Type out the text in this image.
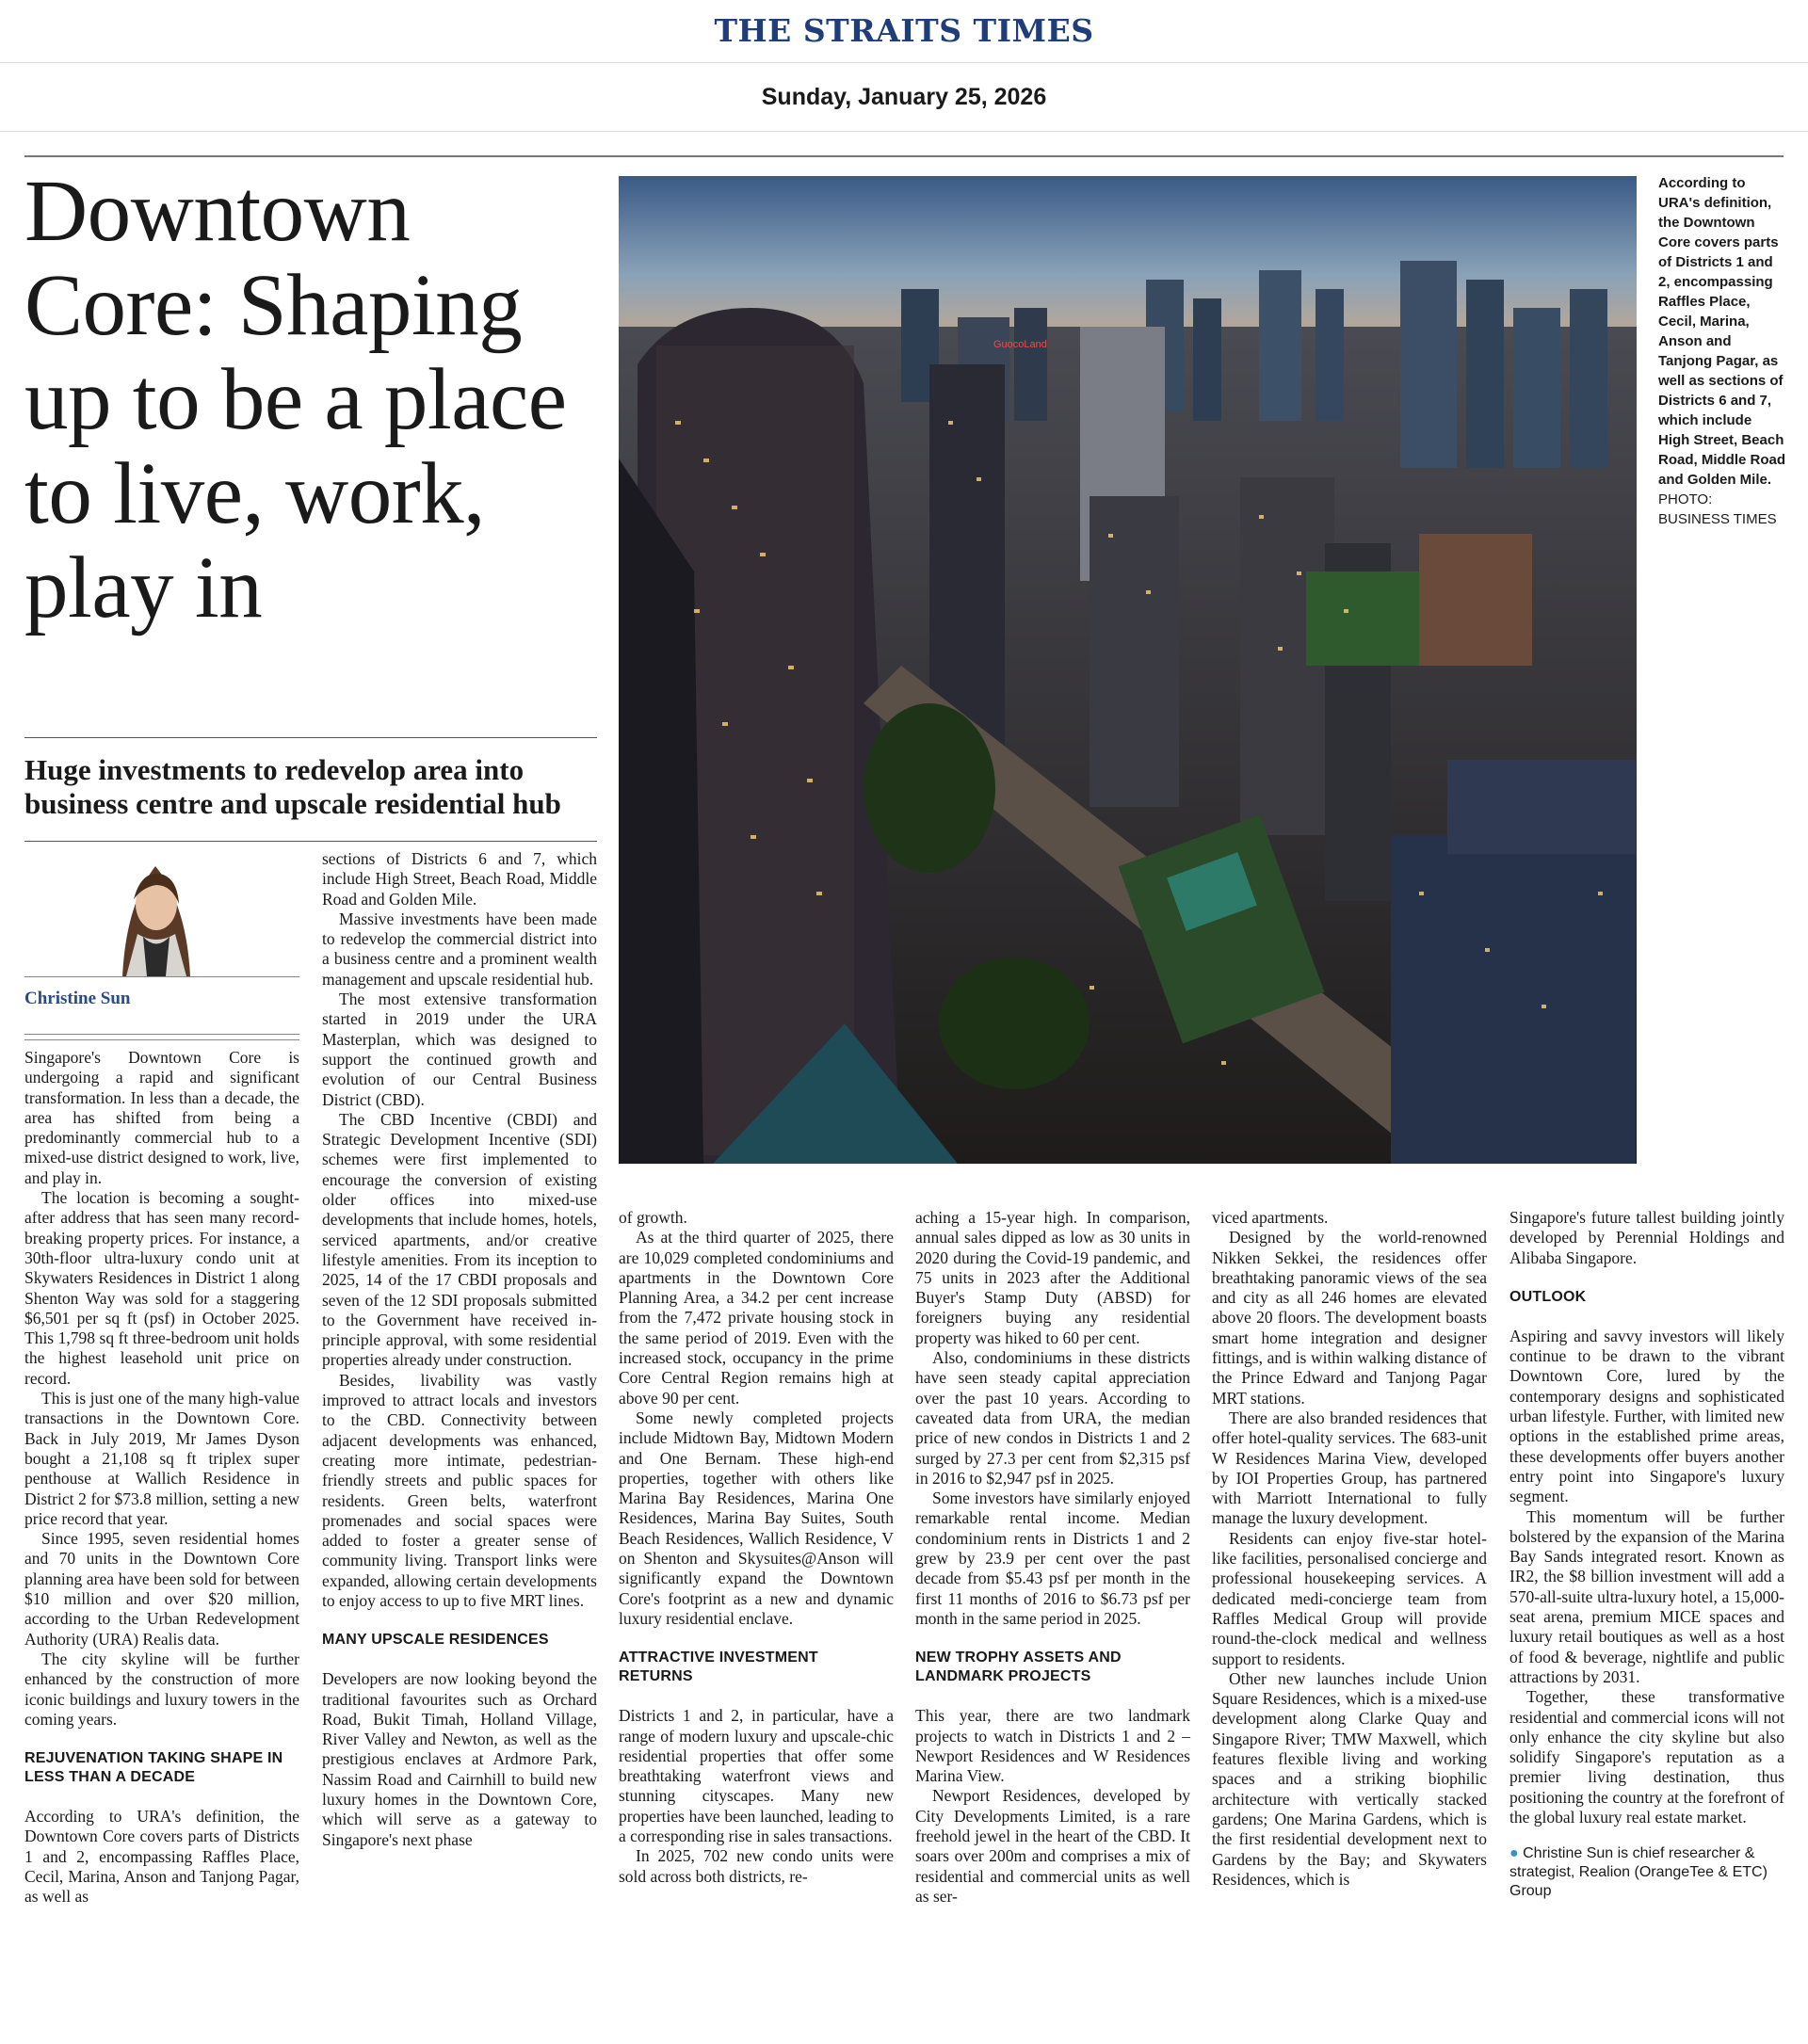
THE STRAITS TIMES
Sunday, January 25, 2026
Downtown Core: Shaping up to be a place to live, work, play in
Huge investments to redevelop area into business centre and upscale residential hub
Christine Sun

Singapore's Downtown Core is undergoing a rapid and significant transformation. In less than a decade, the area has shifted from being a predominantly commercial hub to a mixed-use district designed to work, live, and play in.

The location is becoming a sought-after address that has seen many record-breaking property prices. For instance, a 30th-floor ultra-luxury condo unit at Skywaters Residences in District 1 along Shenton Way was sold for a staggering $6,501 per sq ft (psf) in October 2025. This 1,798 sq ft three-bedroom unit holds the highest leasehold unit price on record.

This is just one of the many high-value transactions in the Downtown Core. Back in July 2019, Mr James Dyson bought a 21,108 sq ft triplex super penthouse at Wallich Residence in District 2 for $73.8 million, setting a new price record that year.

Since 1995, seven residential homes and 70 units in the Downtown Core planning area have been sold for between $10 million and over $20 million, according to the Urban Redevelopment Authority (URA) Realis data.

The city skyline will be further enhanced by the construction of more iconic buildings and luxury towers in the coming years.

REJUVENATION TAKING SHAPE IN LESS THAN A DECADE

According to URA's definition, the Downtown Core covers parts of Districts 1 and 2, encompassing Raffles Place, Cecil, Marina, Anson and Tanjong Pagar, as well as

sections of Districts 6 and 7, which include High Street, Beach Road, Middle Road and Golden Mile.

Massive investments have been made to redevelop the commercial district into a business centre and a prominent wealth management and upscale residential hub.

The most extensive transformation started in 2019 under the URA Masterplan, which was designed to support the continued growth and evolution of our Central Business District (CBD).

The CBD Incentive (CBDI) and Strategic Development Incentive (SDI) schemes were first implemented to encourage the conversion of existing older offices into mixed-use developments that include homes, hotels, serviced apartments, and/or creative lifestyle amenities. From its inception to 2025, 14 of the 17 CBDI proposals and seven of the 12 SDI proposals submitted to the Government have received in-principle approval, with some residential properties already under construction.

Besides, livability was vastly improved to attract locals and investors to the CBD. Connectivity between adjacent developments was enhanced, creating more intimate, pedestrian-friendly streets and public spaces for residents. Green belts, waterfront promenades and social spaces were added to foster a greater sense of community living. Transport links were expanded, allowing certain developments to enjoy access to up to five MRT lines.

MANY UPSCALE RESIDENCES

Developers are now looking beyond the traditional favourites such as Orchard Road, Bukit Timah, Holland Village, River Valley and Newton, as well as the prestigious enclaves at Ardmore Park, Nassim Road and Cairnhill to build new luxury homes in the Downtown Core, which will serve as a gateway to Singapore's next phase

GuocoLand
According to URA's definition, the Downtown Core covers parts of Districts 1 and 2, encompassing Raffles Place, Cecil, Marina, Anson and Tanjong Pagar, as well as sections of Districts 6 and 7, which include High Street, Beach Road, Middle Road and Golden Mile.
PHOTO: BUSINESS TIMES

of growth.

As at the third quarter of 2025, there are 10,029 completed condominiums and apartments in the Downtown Core Planning Area, a 34.2 per cent increase from the 7,472 private housing stock in the same period of 2019. Even with the increased stock, occupancy in the prime Core Central Region remains high at above 90 per cent.

Some newly completed projects include Midtown Bay, Midtown Modern and One Bernam. These high-end properties, together with others like Marina Bay Residences, Marina One Residences, Marina Bay Suites, South Beach Residences, Wallich Residence, V on Shenton and Skysuites@Anson will significantly expand the Downtown Core's footprint as a new and dynamic luxury residential enclave.

ATTRACTIVE INVESTMENT RETURNS

Districts 1 and 2, in particular, have a range of modern luxury and upscale-chic residential properties that offer some breathtaking waterfront views and stunning cityscapes. Many new properties have been launched, leading to a corresponding rise in sales transactions.

In 2025, 702 new condo units were sold across both districts, re-

aching a 15-year high. In comparison, annual sales dipped as low as 30 units in 2020 during the Covid-19 pandemic, and 75 units in 2023 after the Additional Buyer's Stamp Duty (ABSD) for foreigners buying any residential property was hiked to 60 per cent.

Also, condominiums in these districts have seen steady capital appreciation over the past 10 years. According to caveated data from URA, the median price of new condos in Districts 1 and 2 surged by 27.3 per cent from $2,315 psf in 2016 to $2,947 psf in 2025.

Some investors have similarly enjoyed remarkable rental income. Median condominium rents in Districts 1 and 2 grew by 23.9 per cent over the past decade from $5.43 psf per month in the first 11 months of 2016 to $6.73 psf per month in the same period in 2025.

NEW TROPHY ASSETS AND LANDMARK PROJECTS

This year, there are two landmark projects to watch in Districts 1 and 2 – Newport Residences and W Residences Marina View.

Newport Residences, developed by City Developments Limited, is a rare freehold jewel in the heart of the CBD. It soars over 200m and comprises a mix of residential and commercial units as well as ser-

viced apartments.

Designed by the world-renowned Nikken Sekkei, the residences offer breathtaking panoramic views of the sea and city as all 246 homes are elevated above 20 floors. The development boasts smart home integration and designer fittings, and is within walking distance of the Prince Edward and Tanjong Pagar MRT stations.

There are also branded residences that offer hotel-quality services. The 683-unit W Residences Marina View, developed by IOI Properties Group, has partnered with Marriott International to fully manage the luxury development.

Residents can enjoy five-star hotel-like facilities, personalised concierge and professional housekeeping services. A dedicated medi-concierge team from Raffles Medical Group will provide round-the-clock medical and wellness support to residents.

Other new launches include Union Square Residences, which is a mixed-use development along Clarke Quay and Singapore River; TMW Maxwell, which features flexible living and working spaces and a striking biophilic architecture with vertically stacked gardens; One Marina Gardens, which is the first residential development next to Gardens by the Bay; and Skywaters Residences, which is

Singapore's future tallest building jointly developed by Perennial Holdings and Alibaba Singapore.

OUTLOOK

Aspiring and savvy investors will likely continue to be drawn to the vibrant Downtown Core, lured by the contemporary designs and sophisticated urban lifestyle. Further, with limited new options in the established prime areas, these developments offer buyers another entry point into Singapore's luxury segment.

This momentum will be further bolstered by the expansion of the Marina Bay Sands integrated resort. Known as IR2, the $8 billion investment will add a 570-all-suite ultra-luxury hotel, a 15,000-seat arena, premium MICE spaces and luxury retail boutiques as well as a host of food & beverage, nightlife and public attractions by 2031.

Together, these transformative residential and commercial icons will not only enhance the city skyline but also solidify Singapore's reputation as a premier living destination, thus positioning the country at the forefront of the global luxury real estate market.

● Christine Sun is chief researcher & strategist, Realion (OrangeTee & ETC) Group
